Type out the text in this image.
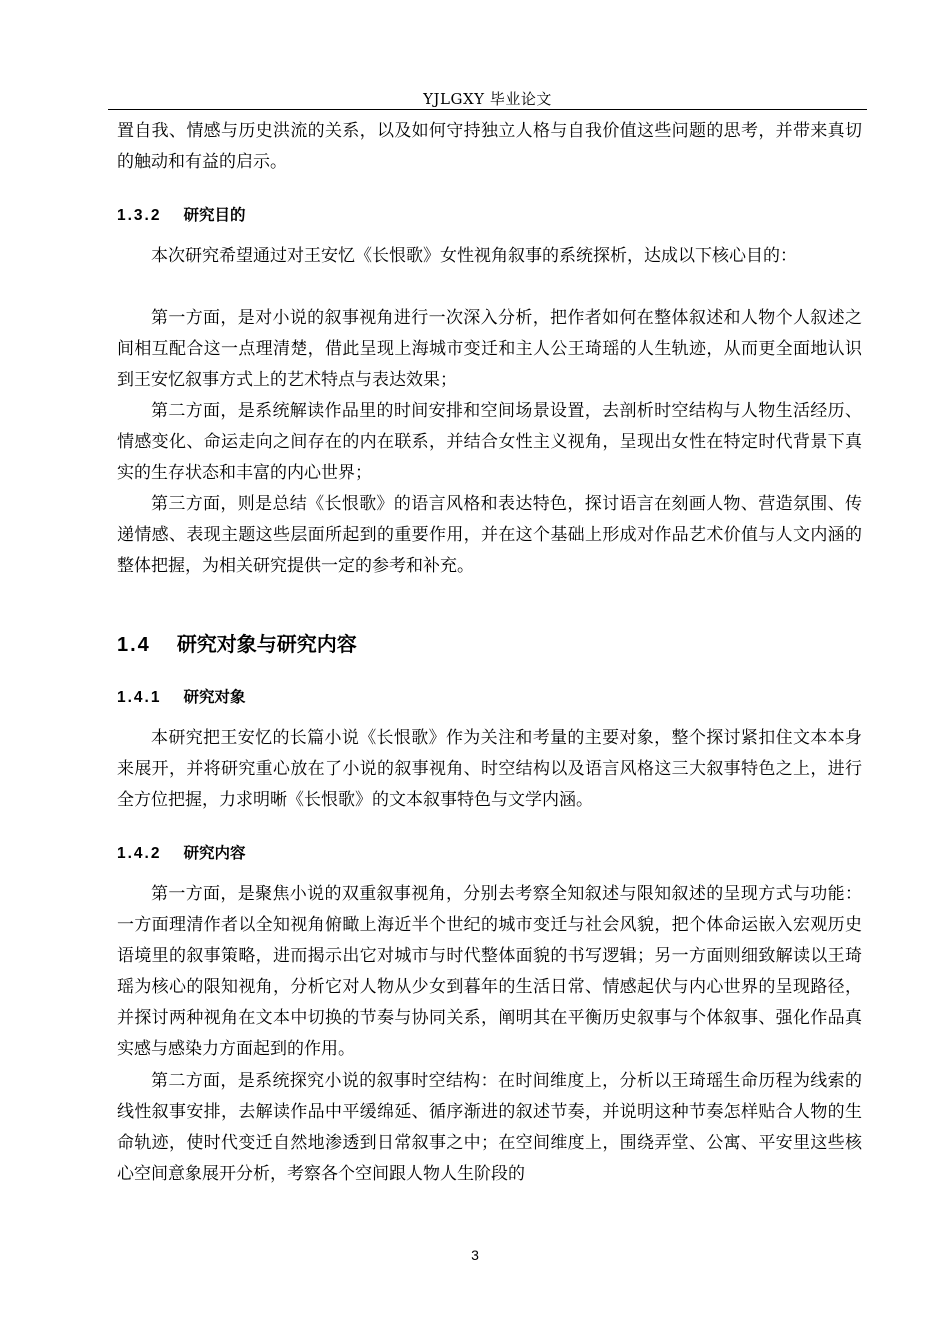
YJLGXY 毕业论文

置自我、情感与历史洪流的关系，以及如何守持独立人格与自我价值这些问题的思考，并带来真切的触动和有益的启示。

1.3.2 研究目的

本次研究希望通过对王安忆《长恨歌》女性视角叙事的系统探析，达成以下核心目的：

第一方面，是对小说的叙事视角进行一次深入分析，把作者如何在整体叙述和人物个人叙述之间相互配合这一点理清楚，借此呈现上海城市变迁和主人公王琦瑶的人生轨迹，从而更全面地认识到王安忆叙事方式上的艺术特点与表达效果；

第二方面，是系统解读作品里的时间安排和空间场景设置，去剖析时空结构与人物生活经历、情感变化、命运走向之间存在的内在联系，并结合女性主义视角，呈现出女性在特定时代背景下真实的生存状态和丰富的内心世界；

第三方面，则是总结《长恨歌》的语言风格和表达特色，探讨语言在刻画人物、营造氛围、传递情感、表现主题这些层面所起到的重要作用，并在这个基础上形成对作品艺术价值与人文内涵的整体把握，为相关研究提供一定的参考和补充。

1.4 研究对象与研究内容
1.4.1 研究对象

本研究把王安忆的长篇小说《长恨歌》作为关注和考量的主要对象，整个探讨紧扣住文本本身来展开，并将研究重心放在了小说的叙事视角、时空结构以及语言风格这三大叙事特色之上，进行全方位把握，力求明晰《长恨歌》的文本叙事特色与文学内涵。

1.4.2 研究内容

第一方面，是聚焦小说的双重叙事视角，分别去考察全知叙述与限知叙述的呈现方式与功能：一方面理清作者以全知视角俯瞰上海近半个世纪的城市变迁与社会风貌，把个体命运嵌入宏观历史语境里的叙事策略，进而揭示出它对城市与时代整体面貌的书写逻辑；另一方面则细致解读以王琦瑶为核心的限知视角，分析它对人物从少女到暮年的生活日常、情感起伏与内心世界的呈现路径，并探讨两种视角在文本中切换的节奏与协同关系，阐明其在平衡历史叙事与个体叙事、强化作品真实感与感染力方面起到的作用。

第二方面，是系统探究小说的叙事时空结构：在时间维度上，分析以王琦瑶生命历程为线索的线性叙事安排，去解读作品中平缓绵延、循序渐进的叙述节奏，并说明这种节奏怎样贴合人物的生命轨迹，使时代变迁自然地渗透到日常叙事之中；在空间维度上，围绕弄堂、公寓、平安里这些核心空间意象展开分析，考察各个空间跟人物人生阶段的

3
